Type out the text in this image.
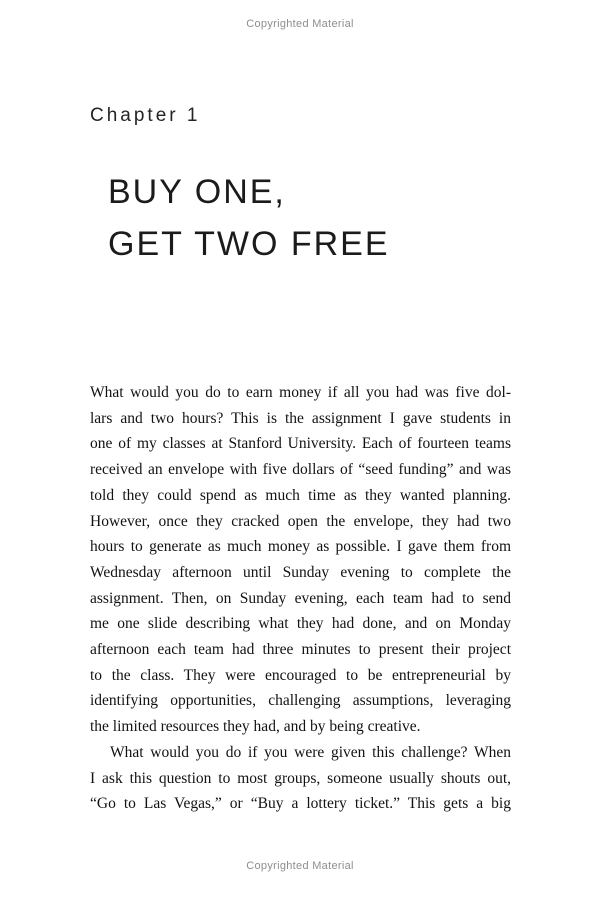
Copyrighted Material
Chapter 1
BUY ONE,
GET TWO FREE
What would you do to earn money if all you had was five dol-
lars and two hours? This is the assignment I gave students in
one of my classes at Stanford University. Each of fourteen teams
received an envelope with five dollars of “seed funding” and was
told they could spend as much time as they wanted planning.
However, once they cracked open the envelope, they had two
hours to generate as much money as possible. I gave them from
Wednesday afternoon until Sunday evening to complete the
assignment. Then, on Sunday evening, each team had to send
me one slide describing what they had done, and on Monday
afternoon each team had three minutes to present their project
to the class. They were encouraged to be entrepreneurial by
identifying opportunities, challenging assumptions, leveraging
the limited resources they had, and by being creative.
What would you do if you were given this challenge? When
I ask this question to most groups, someone usually shouts out,
“Go to Las Vegas,” or “Buy a lottery ticket.” This gets a big
Copyrighted Material
